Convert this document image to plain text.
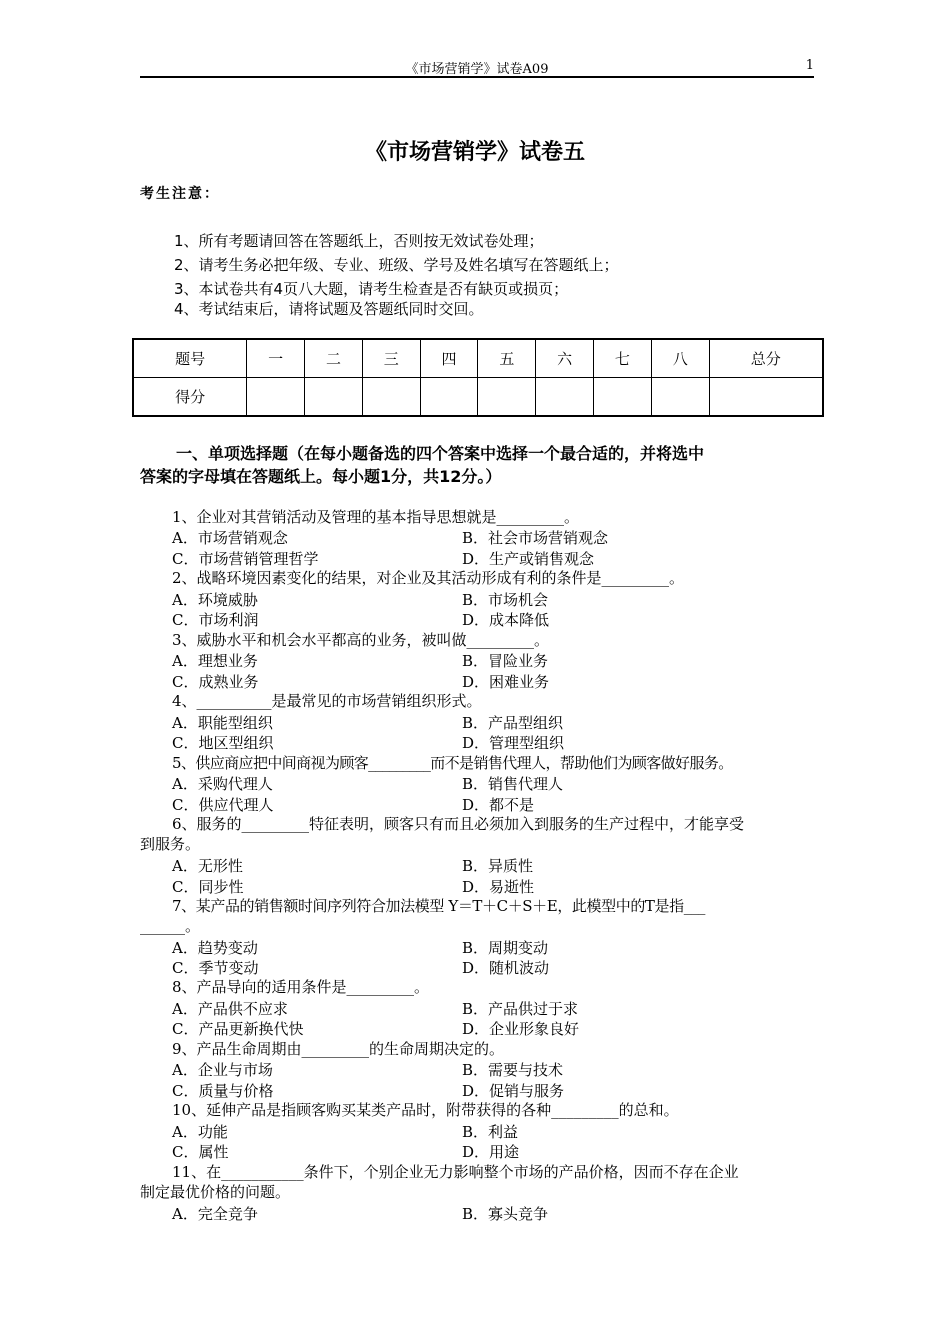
《市场营销学》试卷A09	1
《市场营销学》试卷五
考生注意：
1、所有考题请回答在答题纸上，否则按无效试卷处理；
2、请考生务必把年级、专业、班级、学号及姓名填写在答题纸上；
3、本试卷共有4页八大题，请考生检查是否有缺页或损页；
4、考试结束后，请将试题及答题纸同时交回。
题号	一	二	三	四	五	六	七	八	总分
得分									
一、单项选择题（在每小题备选的四个答案中选择一个最合适的，并将选中
答案的字母填在答题纸上。每小题1分，共12分。）
1、企业对其营销活动及管理的基本指导思想就是_________。
A．市场营销观念	B．社会市场营销观念
C．市场营销管理哲学	D．生产或销售观念
2、战略环境因素变化的结果，对企业及其活动形成有利的条件是_________。
A．环境威胁	B．市场机会
C．市场利润	D．成本降低
3、威胁水平和机会水平都高的业务，被叫做_________。
A．理想业务	B．冒险业务
C．成熟业务	D．困难业务
4、__________是最常见的市场营销组织形式。
A．职能型组织	B．产品型组织
C．地区型组织	D．管理型组织
5、供应商应把中间商视为顾客_________而不是销售代理人，帮助他们为顾客做好服务。
A．采购代理人	B．销售代理人
C．供应代理人	D．都不是
6、服务的_________特征表明，顾客只有而且必须加入到服务的生产过程中，才能享受
到服务。
A．无形性	B．异质性
C．同步性	D．易逝性
7、某产品的销售额时间序列符合加法模型 Y＝T＋C＋S＋E，此模型中的T是指___
______。
A．趋势变动	B．周期变动
C．季节变动	D．随机波动
8、产品导向的适用条件是_________。
A．产品供不应求	B．产品供过于求
C．产品更新换代快	D．企业形象良好
9、产品生命周期由_________的生命周期决定的。
A．企业与市场	B．需要与技术
C．质量与价格	D．促销与服务
10、延伸产品是指顾客购买某类产品时，附带获得的各种_________的总和。
A．功能	B．利益
C．属性	D．用途
11、在___________条件下，个别企业无力影响整个市场的产品价格，因而不存在企业
制定最优价格的问题。
A．完全竞争	B．寡头竞争
